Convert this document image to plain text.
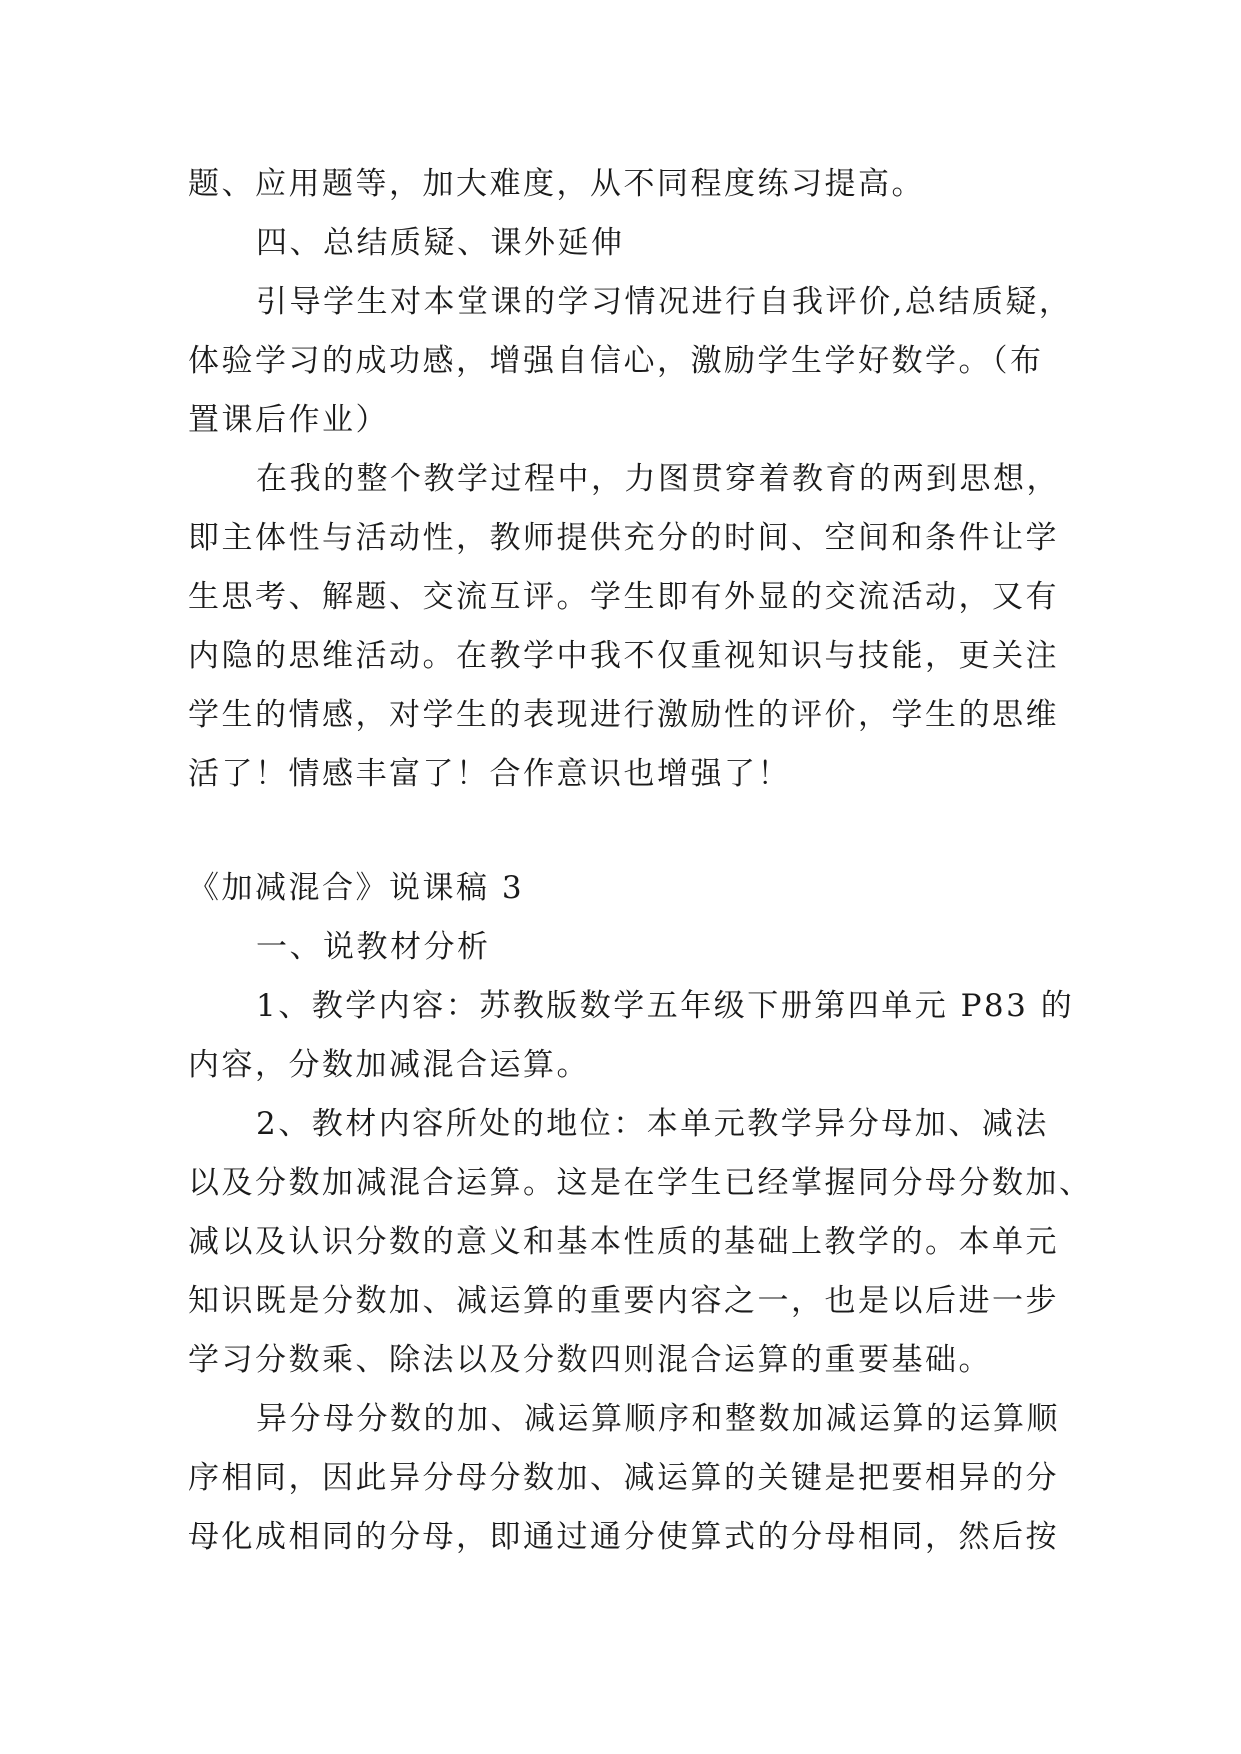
题、应用题等，加大难度，从不同程度练习提高。
四、总结质疑、课外延伸
引导学生对本堂课的学习情况进行自我评价,总结质疑，
体验学习的成功感，增强自信心，激励学生学好数学。（布
置课后作业）
在我的整个教学过程中，力图贯穿着教育的两到思想，
即主体性与活动性，教师提供充分的时间、空间和条件让学
生思考、解题、交流互评。学生即有外显的交流活动，又有
内隐的思维活动。在教学中我不仅重视知识与技能，更关注
学生的情感，对学生的表现进行激励性的评价，学生的思维
活了！情感丰富了！合作意识也增强了！
《加减混合》说课稿 3
一、说教材分析
1、教学内容：苏教版数学五年级下册第四单元 P83 的
内容，分数加减混合运算。
2、教材内容所处的地位：本单元教学异分母加、减法
以及分数加减混合运算。这是在学生已经掌握同分母分数加、
减以及认识分数的意义和基本性质的基础上教学的。本单元
知识既是分数加、减运算的重要内容之一，也是以后进一步
学习分数乘、除法以及分数四则混合运算的重要基础。
异分母分数的加、减运算顺序和整数加减运算的运算顺
序相同，因此异分母分数加、减运算的关键是把要相异的分
母化成相同的分母，即通过通分使算式的分母相同，然后按
